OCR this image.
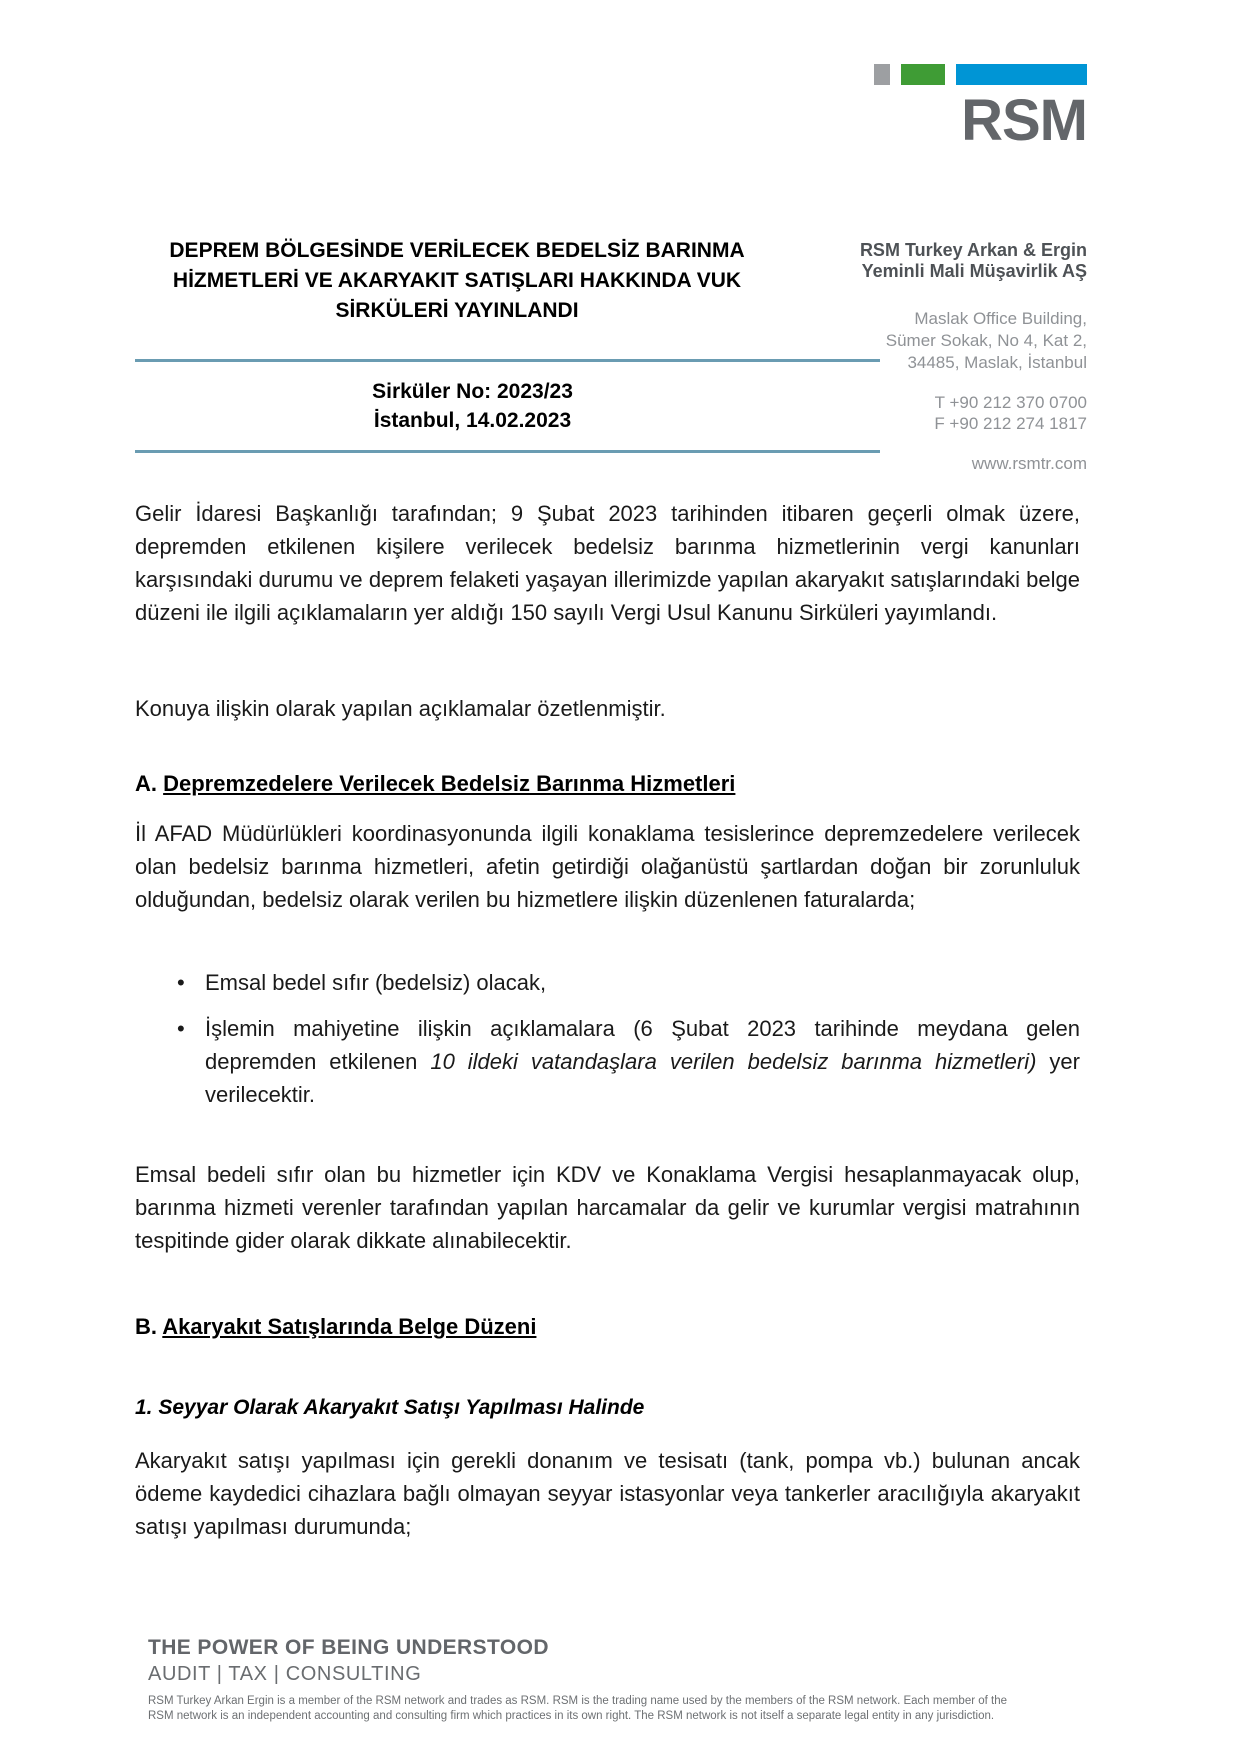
RSM
DEPREM BÖLGESİNDE VERİLECEK BEDELSİZ BARINMA
HİZMETLERİ VE AKARYAKIT SATIŞLARI HAKKINDA VUK
SİRKÜLERİ YAYINLANDI
Sirküler No: 2023/23
İstanbul, 14.02.2023
RSM Turkey Arkan & Ergin
Yeminli Mali Müşavirlik AŞ
Maslak Office Building,
Sümer Sokak, No 4, Kat 2,
34485, Maslak, İstanbul
T +90 212 370 0700
F +90 212 274 1817
www.rsmtr.com

Gelir İdaresi Başkanlığı tarafından; 9 Şubat 2023 tarihinden itibaren geçerli olmak üzere, depremden etkilenen kişilere verilecek bedelsiz barınma hizmetlerinin vergi kanunları karşısındaki durumu ve deprem felaketi yaşayan illerimizde yapılan akaryakıt satışlarındaki belge düzeni ile ilgili açıklamaların yer aldığı 150 sayılı Vergi Usul Kanunu Sirküleri yayımlandı.

Konuya ilişkin olarak yapılan açıklamalar özetlenmiştir.

A. Depremzedelere Verilecek Bedelsiz Barınma Hizmetleri

İl AFAD Müdürlükleri koordinasyonunda ilgili konaklama tesislerince depremzedelere verilecek olan bedelsiz barınma hizmetleri, afetin getirdiği olağanüstü şartlardan doğan bir zorunluluk olduğundan, bedelsiz olarak verilen bu hizmetlere ilişkin düzenlenen faturalarda;

• Emsal bedel sıfır (bedelsiz) olacak,
• İşlemin mahiyetine ilişkin açıklamalara (6 Şubat 2023 tarihinde meydana gelen depremden etkilenen 10 ildeki vatandaşlara verilen bedelsiz barınma hizmetleri) yer verilecektir.

Emsal bedeli sıfır olan bu hizmetler için KDV ve Konaklama Vergisi hesaplanmayacak olup, barınma hizmeti verenler tarafından yapılan harcamalar da gelir ve kurumlar vergisi matrahının tespitinde gider olarak dikkate alınabilecektir.

B. Akaryakıt Satışlarında Belge Düzeni

1. Seyyar Olarak Akaryakıt Satışı Yapılması Halinde

Akaryakıt satışı yapılması için gerekli donanım ve tesisatı (tank, pompa vb.) bulunan ancak ödeme kaydedici cihazlara bağlı olmayan seyyar istasyonlar veya tankerler aracılığıyla akaryakıt satışı yapılması durumunda;

THE POWER OF BEING UNDERSTOOD
AUDIT | TAX | CONSULTING
RSM Turkey Arkan Ergin is a member of the RSM network and trades as RSM. RSM is the trading name used by the members of the RSM network. Each member of the RSM network is an independent accounting and consulting firm which practices in its own right. The RSM network is not itself a separate legal entity in any jurisdiction.
